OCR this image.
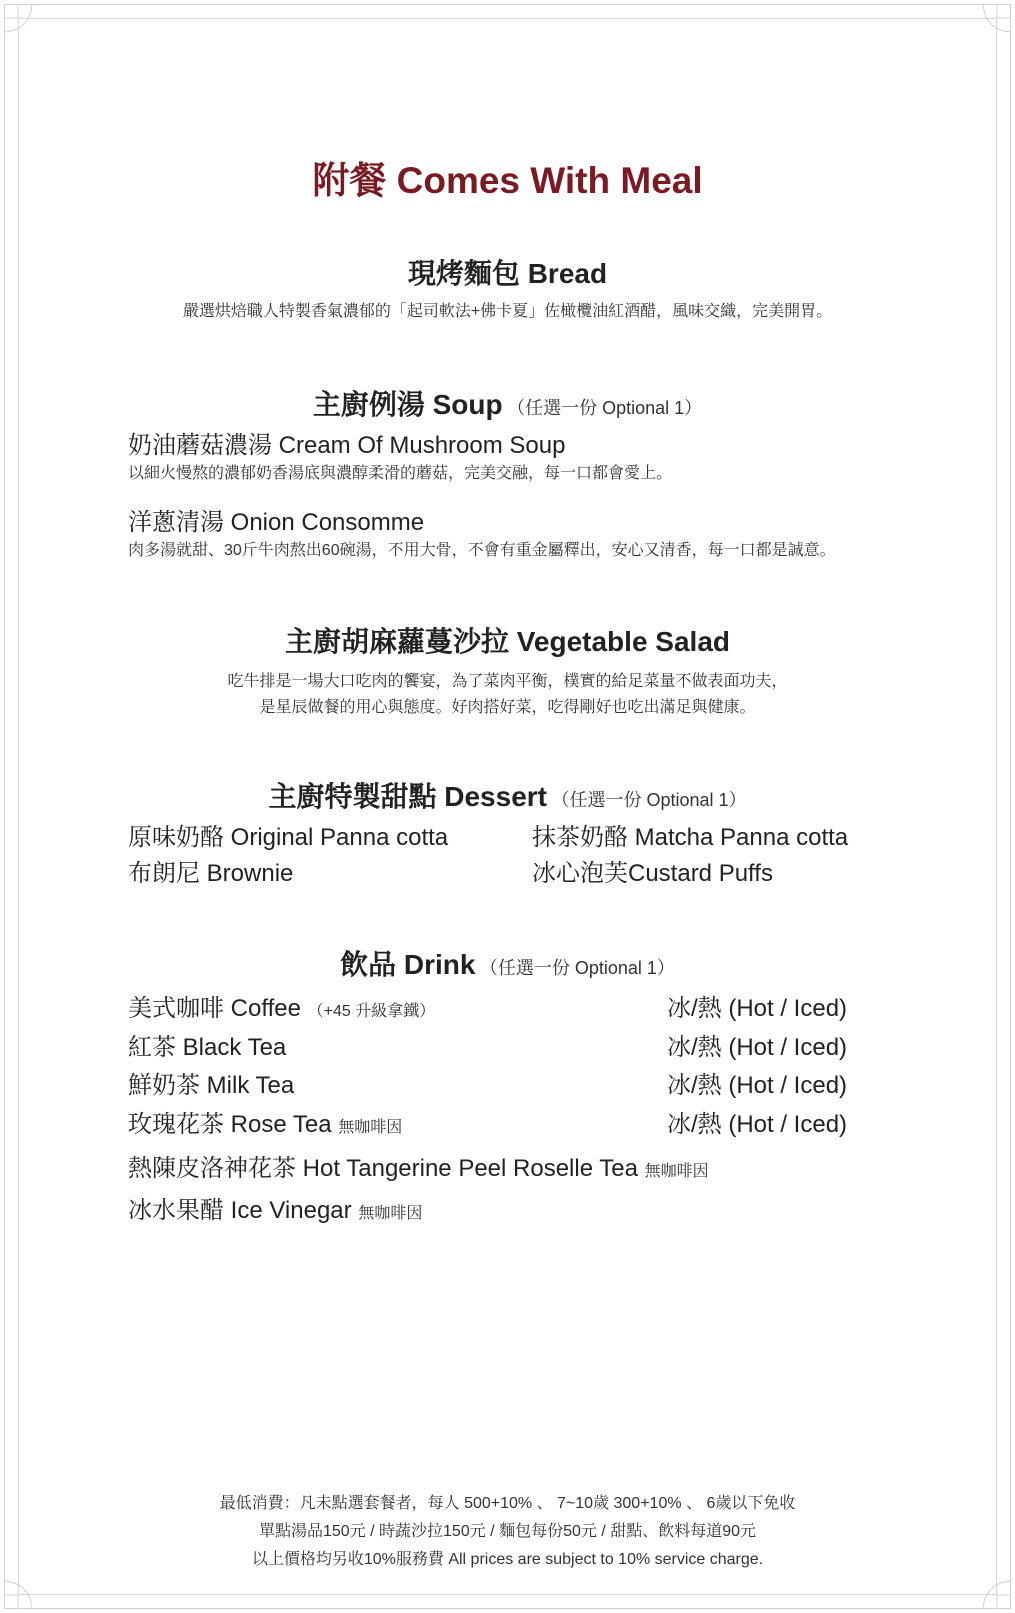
附餐 Comes With Meal
現烤麵包 Bread
嚴選烘焙職人特製香氣濃郁的「起司軟法+佛卡夏」佐橄欖油紅酒醋，風味交織，完美開胃。
主廚例湯 Soup （任選一份 Optional 1）
奶油蘑菇濃湯 Cream Of Mushroom Soup
以細火慢熬的濃郁奶香湯底與濃醇柔滑的蘑菇，完美交融，每一口都會愛上。
洋蔥清湯 Onion Consomme
肉多湯就甜、30斤牛肉熬出60碗湯，不用大骨，不會有重金屬釋出，安心又清香，每一口都是誠意。
主廚胡麻蘿蔓沙拉 Vegetable Salad
吃牛排是一場大口吃肉的饗宴，為了菜肉平衡，樸實的給足菜量不做表面功夫，
是星辰做餐的用心與態度。好肉搭好菜，吃得剛好也吃出滿足與健康。
主廚特製甜點 Dessert （任選一份 Optional 1）
原味奶酪 Original Panna cotta	抹茶奶酪 Matcha Panna cotta
布朗尼 Brownie	冰心泡芙Custard Puffs
飲品 Drink （任選一份 Optional 1）
美式咖啡 Coffee （+45 升級拿鐵）	冰/熱 (Hot / Iced)
紅茶 Black Tea	冰/熱 (Hot / Iced)
鮮奶茶 Milk Tea	冰/熱 (Hot / Iced)
玫瑰花茶 Rose Tea 無咖啡因	冰/熱 (Hot / Iced)
熱陳皮洛神花茶 Hot Tangerine Peel Roselle Tea 無咖啡因
冰水果醋 Ice Vinegar 無咖啡因
最低消費：凡未點選套餐者，每人 500+10% 、 7~10歲 300+10% 、 6歲以下免收
單點湯品150元 / 時蔬沙拉150元 / 麵包每份50元 / 甜點、飲料每道90元
以上價格均另收10%服務費 All prices are subject to 10% service charge.
